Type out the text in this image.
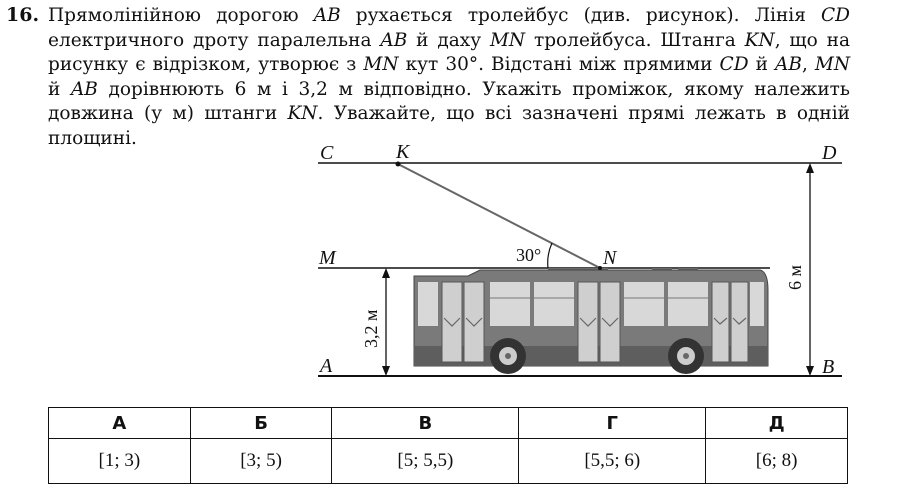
16. Прямолінійною дорогою AB рухається тролейбус (див. рисунок). Лінія CD електричного дроту паралельна AB й даху MN тролейбуса. Штанга KN, що на рисунку є відрізком, утворює з MN кут 30°. Відстані між прямими CD й AB, MN й AB дорівнюють 6 м і 3,2 м відповідно. Укажіть проміжок, якому належить довжина (у м) штанги KN. Уважайте, що всі зазначені прямі лежать в одній площині.
C	K	D
M	N
A	B
30°
3,2 м
6 м
А	Б	В	Г	Д
[1; 3)	[3; 5)	[5; 5,5)	[5,5; 6)	[6; 8)
